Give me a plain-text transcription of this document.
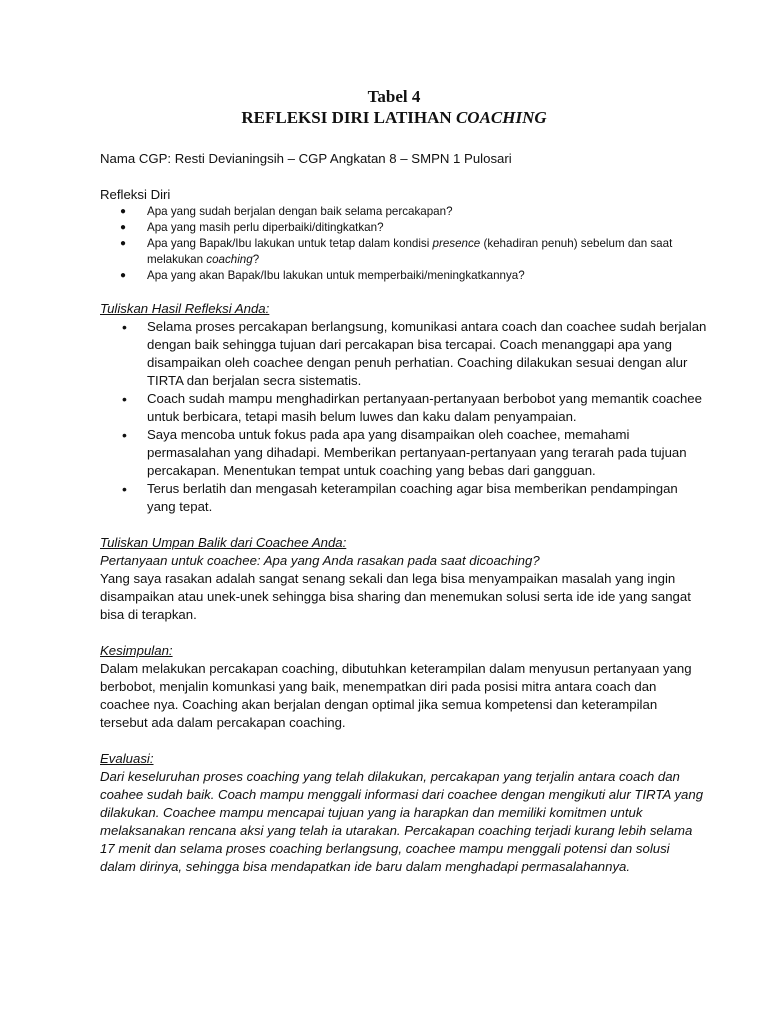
Tabel 4
REFLEKSI DIRI LATIHAN COACHING
Nama CGP: Resti Devianingsih – CGP Angkatan 8 – SMPN 1 Pulosari
Refleksi Diri
● Apa yang sudah berjalan dengan baik selama percakapan?
● Apa yang masih perlu diperbaiki/ditingkatkan?
● Apa yang Bapak/Ibu lakukan untuk tetap dalam kondisi presence (kehadiran penuh) sebelum dan saat melakukan coaching?
● Apa yang akan Bapak/Ibu lakukan untuk memperbaiki/meningkatkannya?
Tuliskan Hasil Refleksi Anda:
• Selama proses percakapan berlangsung, komunikasi antara coach dan coachee sudah berjalan dengan baik sehingga tujuan dari percakapan bisa tercapai. Coach menanggapi apa yang disampaikan oleh coachee dengan penuh perhatian. Coaching dilakukan sesuai dengan alur TIRTA dan berjalan secra sistematis.
• Coach sudah mampu menghadirkan pertanyaan-pertanyaan berbobot yang memantik coachee untuk berbicara, tetapi masih belum luwes dan kaku dalam penyampaian.
• Saya mencoba untuk fokus pada apa yang disampaikan oleh coachee, memahami permasalahan yang dihadapi. Memberikan pertanyaan-pertanyaan yang terarah pada tujuan percakapan. Menentukan tempat untuk coaching yang bebas dari gangguan.
• Terus berlatih dan mengasah keterampilan coaching agar bisa memberikan pendampingan yang tepat.
Tuliskan Umpan Balik dari Coachee Anda:
Pertanyaan untuk coachee: Apa yang Anda rasakan pada saat dicoaching?
Yang saya rasakan adalah sangat senang sekali dan lega bisa menyampaikan masalah yang ingin disampaikan atau unek-unek sehingga bisa sharing dan menemukan solusi serta ide ide yang sangat bisa di terapkan.
Kesimpulan:
Dalam melakukan percakapan coaching, dibutuhkan keterampilan dalam menyusun pertanyaan yang berbobot, menjalin komunkasi yang baik, menempatkan diri pada posisi mitra antara coach dan coachee nya. Coaching akan berjalan dengan optimal jika semua kompetensi dan keterampilan tersebut ada dalam percakapan coaching.
Evaluasi:
Dari keseluruhan proses coaching yang telah dilakukan, percakapan yang terjalin antara coach dan coahee sudah baik. Coach mampu menggali informasi dari coachee dengan mengikuti alur TIRTA yang dilakukan. Coachee mampu mencapai tujuan yang ia harapkan dan memiliki komitmen untuk melaksanakan rencana aksi yang telah ia utarakan. Percakapan coaching terjadi kurang lebih selama 17 menit dan selama proses coaching berlangsung, coachee mampu menggali potensi dan solusi dalam dirinya, sehingga bisa mendapatkan ide baru dalam menghadapi permasalahannya.
